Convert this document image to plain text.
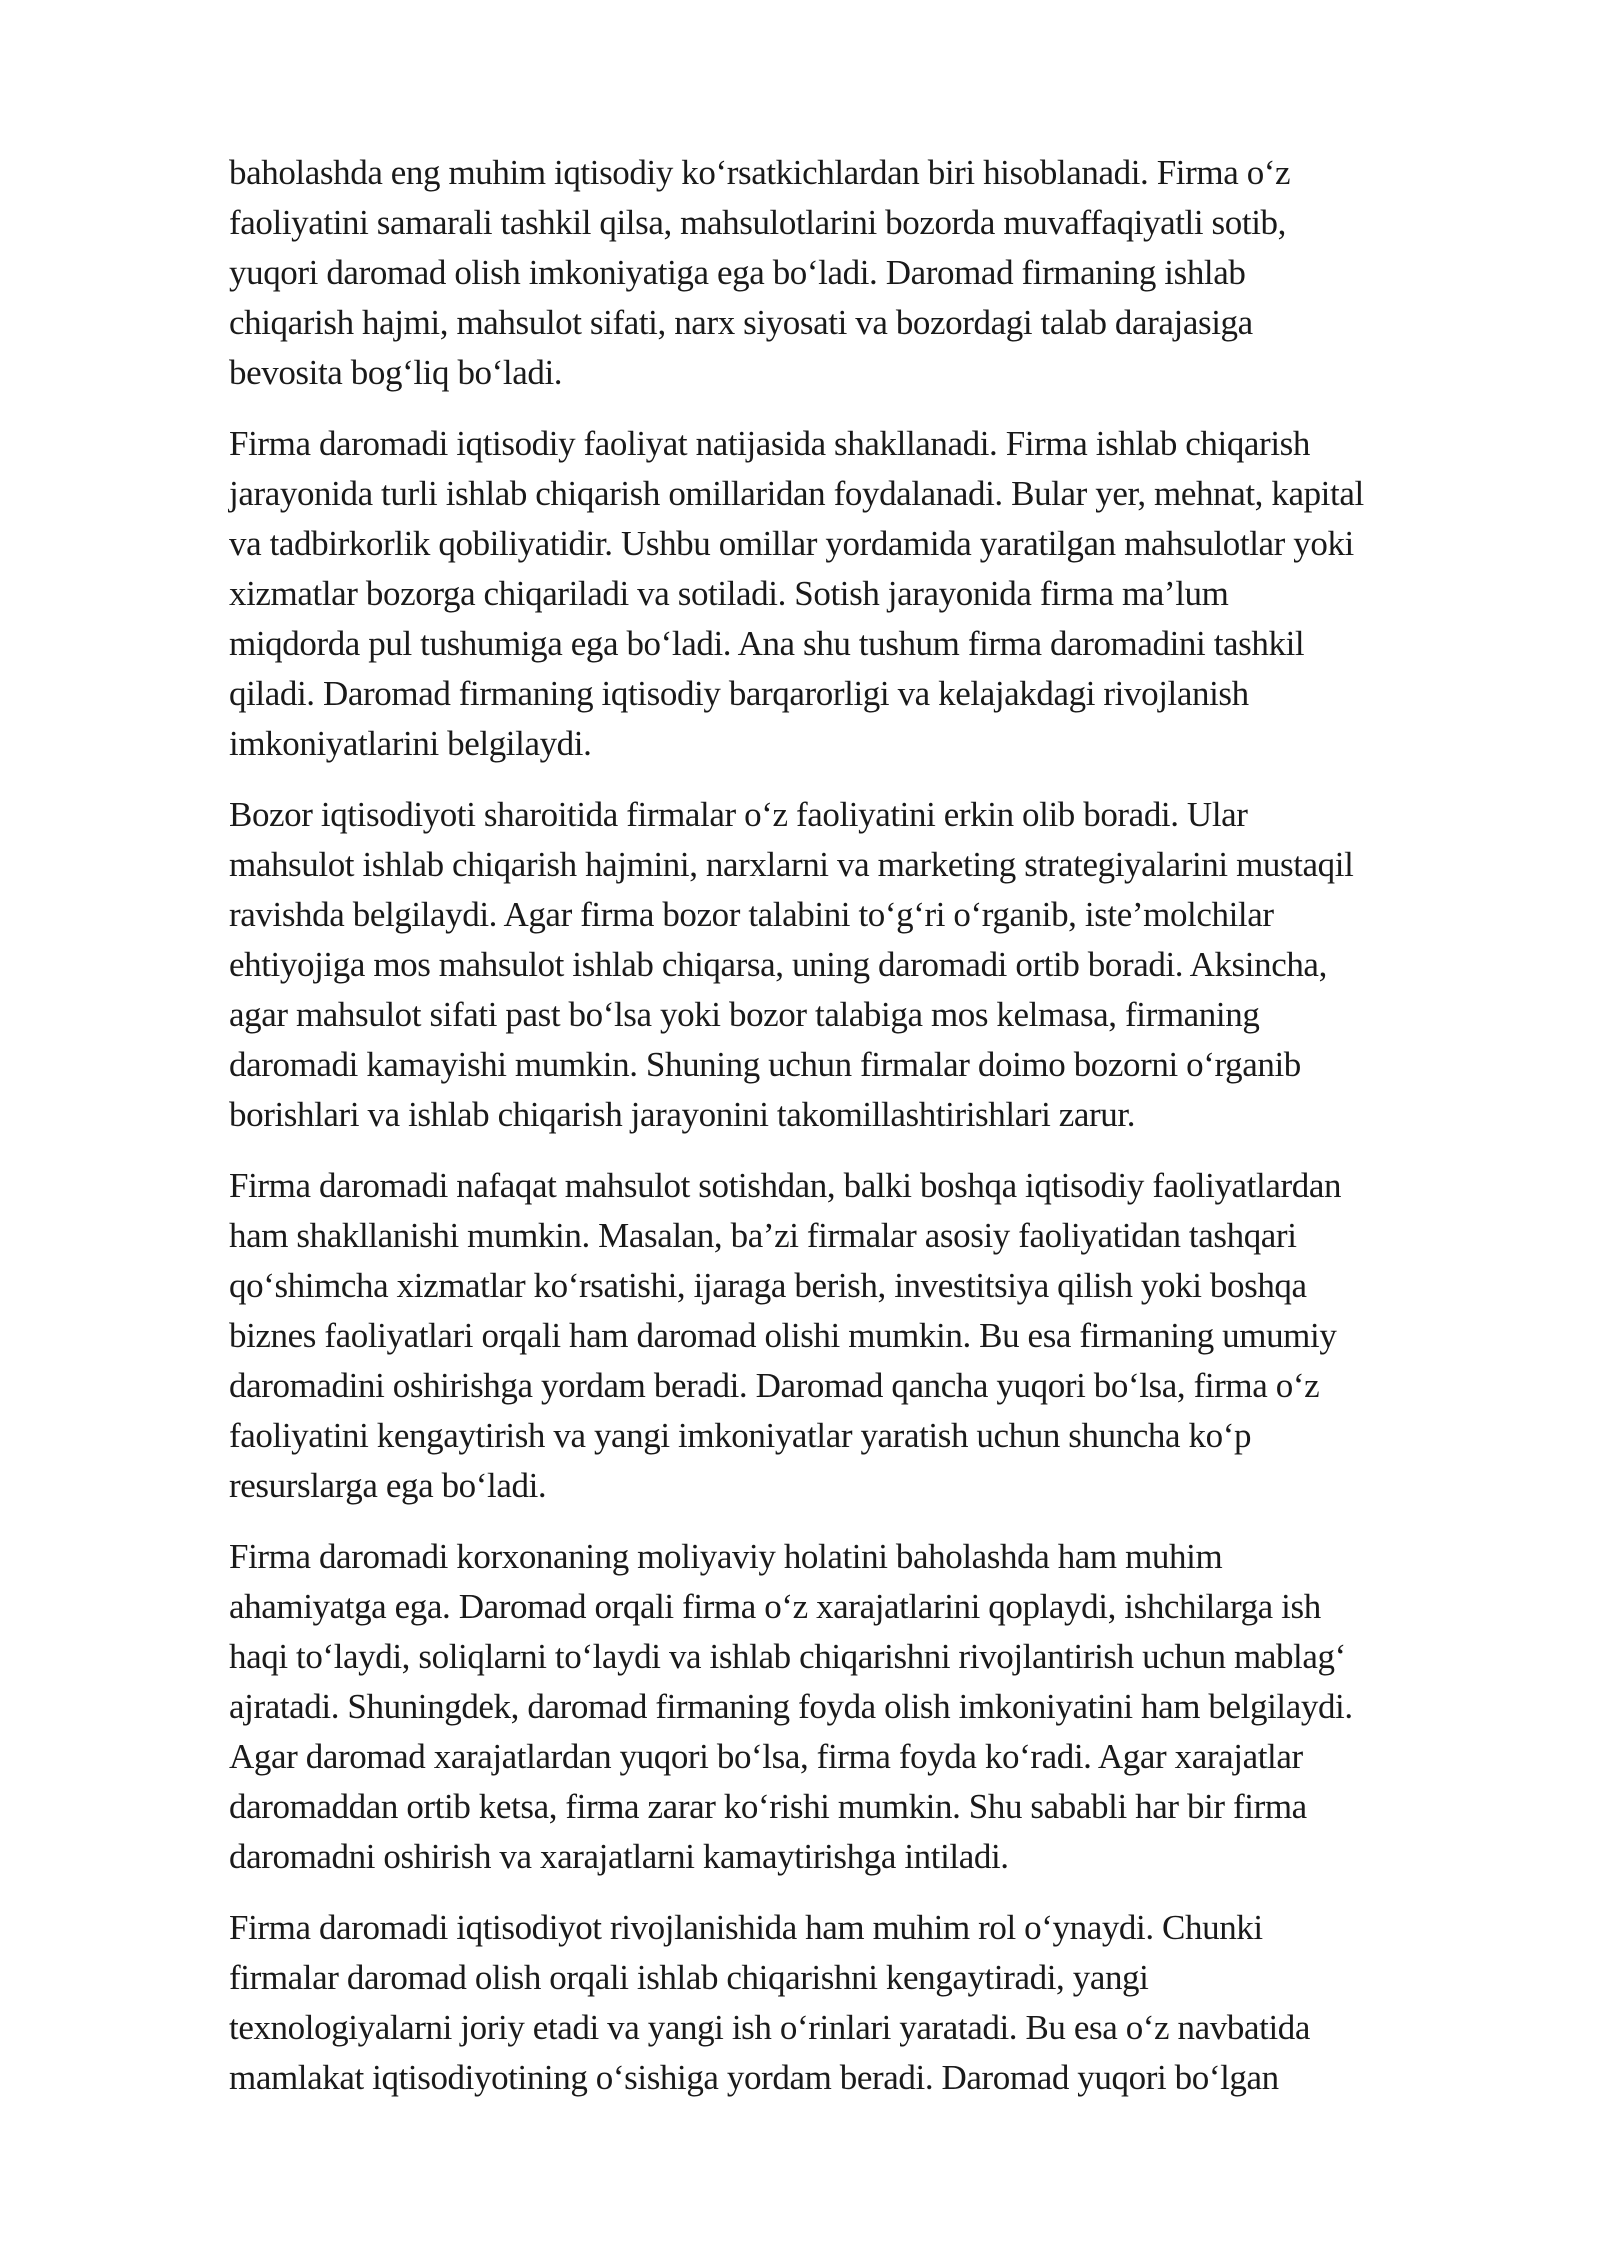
baholashda eng muhim iqtisodiy ko‘rsatkichlardan biri hisoblanadi. Firma o‘z
faoliyatini samarali tashkil qilsa, mahsulotlarini bozorda muvaffaqiyatli sotib,
yuqori daromad olish imkoniyatiga ega bo‘ladi. Daromad firmaning ishlab
chiqarish hajmi, mahsulot sifati, narx siyosati va bozordagi talab darajasiga
bevosita bog‘liq bo‘ladi.
Firma daromadi iqtisodiy faoliyat natijasida shakllanadi. Firma ishlab chiqarish
jarayonida turli ishlab chiqarish omillaridan foydalanadi. Bular yer, mehnat, kapital
va tadbirkorlik qobiliyatidir. Ushbu omillar yordamida yaratilgan mahsulotlar yoki
xizmatlar bozorga chiqariladi va sotiladi. Sotish jarayonida firma ma’lum
miqdorda pul tushumiga ega bo‘ladi. Ana shu tushum firma daromadini tashkil
qiladi. Daromad firmaning iqtisodiy barqarorligi va kelajakdagi rivojlanish
imkoniyatlarini belgilaydi.
Bozor iqtisodiyoti sharoitida firmalar o‘z faoliyatini erkin olib boradi. Ular
mahsulot ishlab chiqarish hajmini, narxlarni va marketing strategiyalarini mustaqil
ravishda belgilaydi. Agar firma bozor talabini to‘g‘ri o‘rganib, iste’molchilar
ehtiyojiga mos mahsulot ishlab chiqarsa, uning daromadi ortib boradi. Aksincha,
agar mahsulot sifati past bo‘lsa yoki bozor talabiga mos kelmasa, firmaning
daromadi kamayishi mumkin. Shuning uchun firmalar doimo bozorni o‘rganib
borishlari va ishlab chiqarish jarayonini takomillashtirishlari zarur.
Firma daromadi nafaqat mahsulot sotishdan, balki boshqa iqtisodiy faoliyatlardan
ham shakllanishi mumkin. Masalan, ba’zi firmalar asosiy faoliyatidan tashqari
qo‘shimcha xizmatlar ko‘rsatishi, ijaraga berish, investitsiya qilish yoki boshqa
biznes faoliyatlari orqali ham daromad olishi mumkin. Bu esa firmaning umumiy
daromadini oshirishga yordam beradi. Daromad qancha yuqori bo‘lsa, firma o‘z
faoliyatini kengaytirish va yangi imkoniyatlar yaratish uchun shuncha ko‘p
resurslarga ega bo‘ladi.
Firma daromadi korxonaning moliyaviy holatini baholashda ham muhim
ahamiyatga ega. Daromad orqali firma o‘z xarajatlarini qoplaydi, ishchilarga ish
haqi to‘laydi, soliqlarni to‘laydi va ishlab chiqarishni rivojlantirish uchun mablag‘
ajratadi. Shuningdek, daromad firmaning foyda olish imkoniyatini ham belgilaydi.
Agar daromad xarajatlardan yuqori bo‘lsa, firma foyda ko‘radi. Agar xarajatlar
daromaddan ortib ketsa, firma zarar ko‘rishi mumkin. Shu sababli har bir firma
daromadni oshirish va xarajatlarni kamaytirishga intiladi.
Firma daromadi iqtisodiyot rivojlanishida ham muhim rol o‘ynaydi. Chunki
firmalar daromad olish orqali ishlab chiqarishni kengaytiradi, yangi
texnologiyalarni joriy etadi va yangi ish o‘rinlari yaratadi. Bu esa o‘z navbatida
mamlakat iqtisodiyotining o‘sishiga yordam beradi. Daromad yuqori bo‘lgan
